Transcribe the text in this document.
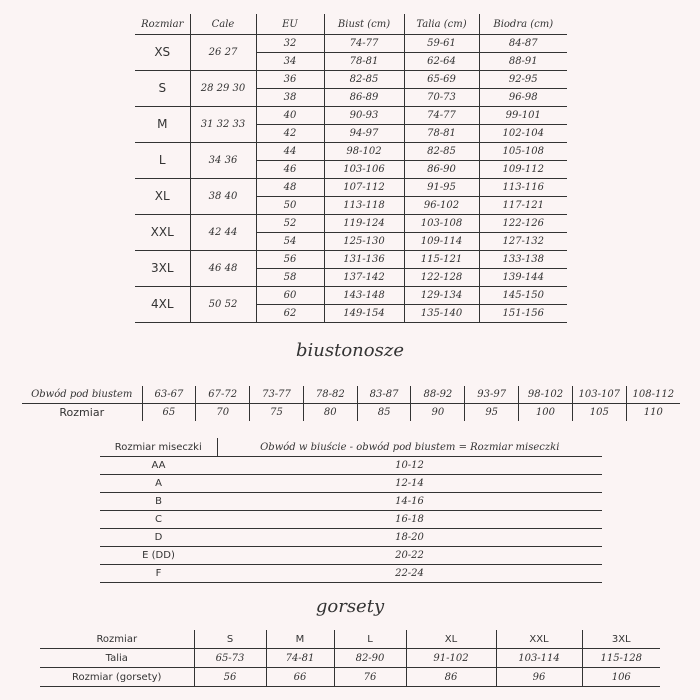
Rozmiar	Cale	EU	Biust (cm)	Talia (cm)	Biodra (cm)
XS	26 27	32	74-77	59-61	84-87
		34	78-81	62-64	88-91
S	28 29 30	36	82-85	65-69	92-95
		38	86-89	70-73	96-98
M	31 32 33	40	90-93	74-77	99-101
		42	94-97	78-81	102-104
L	34 36	44	98-102	82-85	105-108
		46	103-106	86-90	109-112
XL	38 40	48	107-112	91-95	113-116
		50	113-118	96-102	117-121
XXL	42 44	52	119-124	103-108	122-126
		54	125-130	109-114	127-132
3XL	46 48	56	131-136	115-121	133-138
		58	137-142	122-128	139-144
4XL	50 52	60	143-148	129-134	145-150
		62	149-154	135-140	151-156
biustonosze
Obwód pod biustem	63-67	67-72	73-77	78-82	83-87	88-92	93-97	98-102	103-107	108-112
Rozmiar	65	70	75	80	85	90	95	100	105	110
Rozmiar miseczki	Obwód w biuście - obwód pod biustem = Rozmiar miseczki
AA	10-12
A	12-14
B	14-16
C	16-18
D	18-20
E (DD)	20-22
F	22-24
gorsety
Rozmiar	S	M	L	XL	XXL	3XL
Talia	65-73	74-81	82-90	91-102	103-114	115-128
Rozmiar (gorsety)	56	66	76	86	96	106
